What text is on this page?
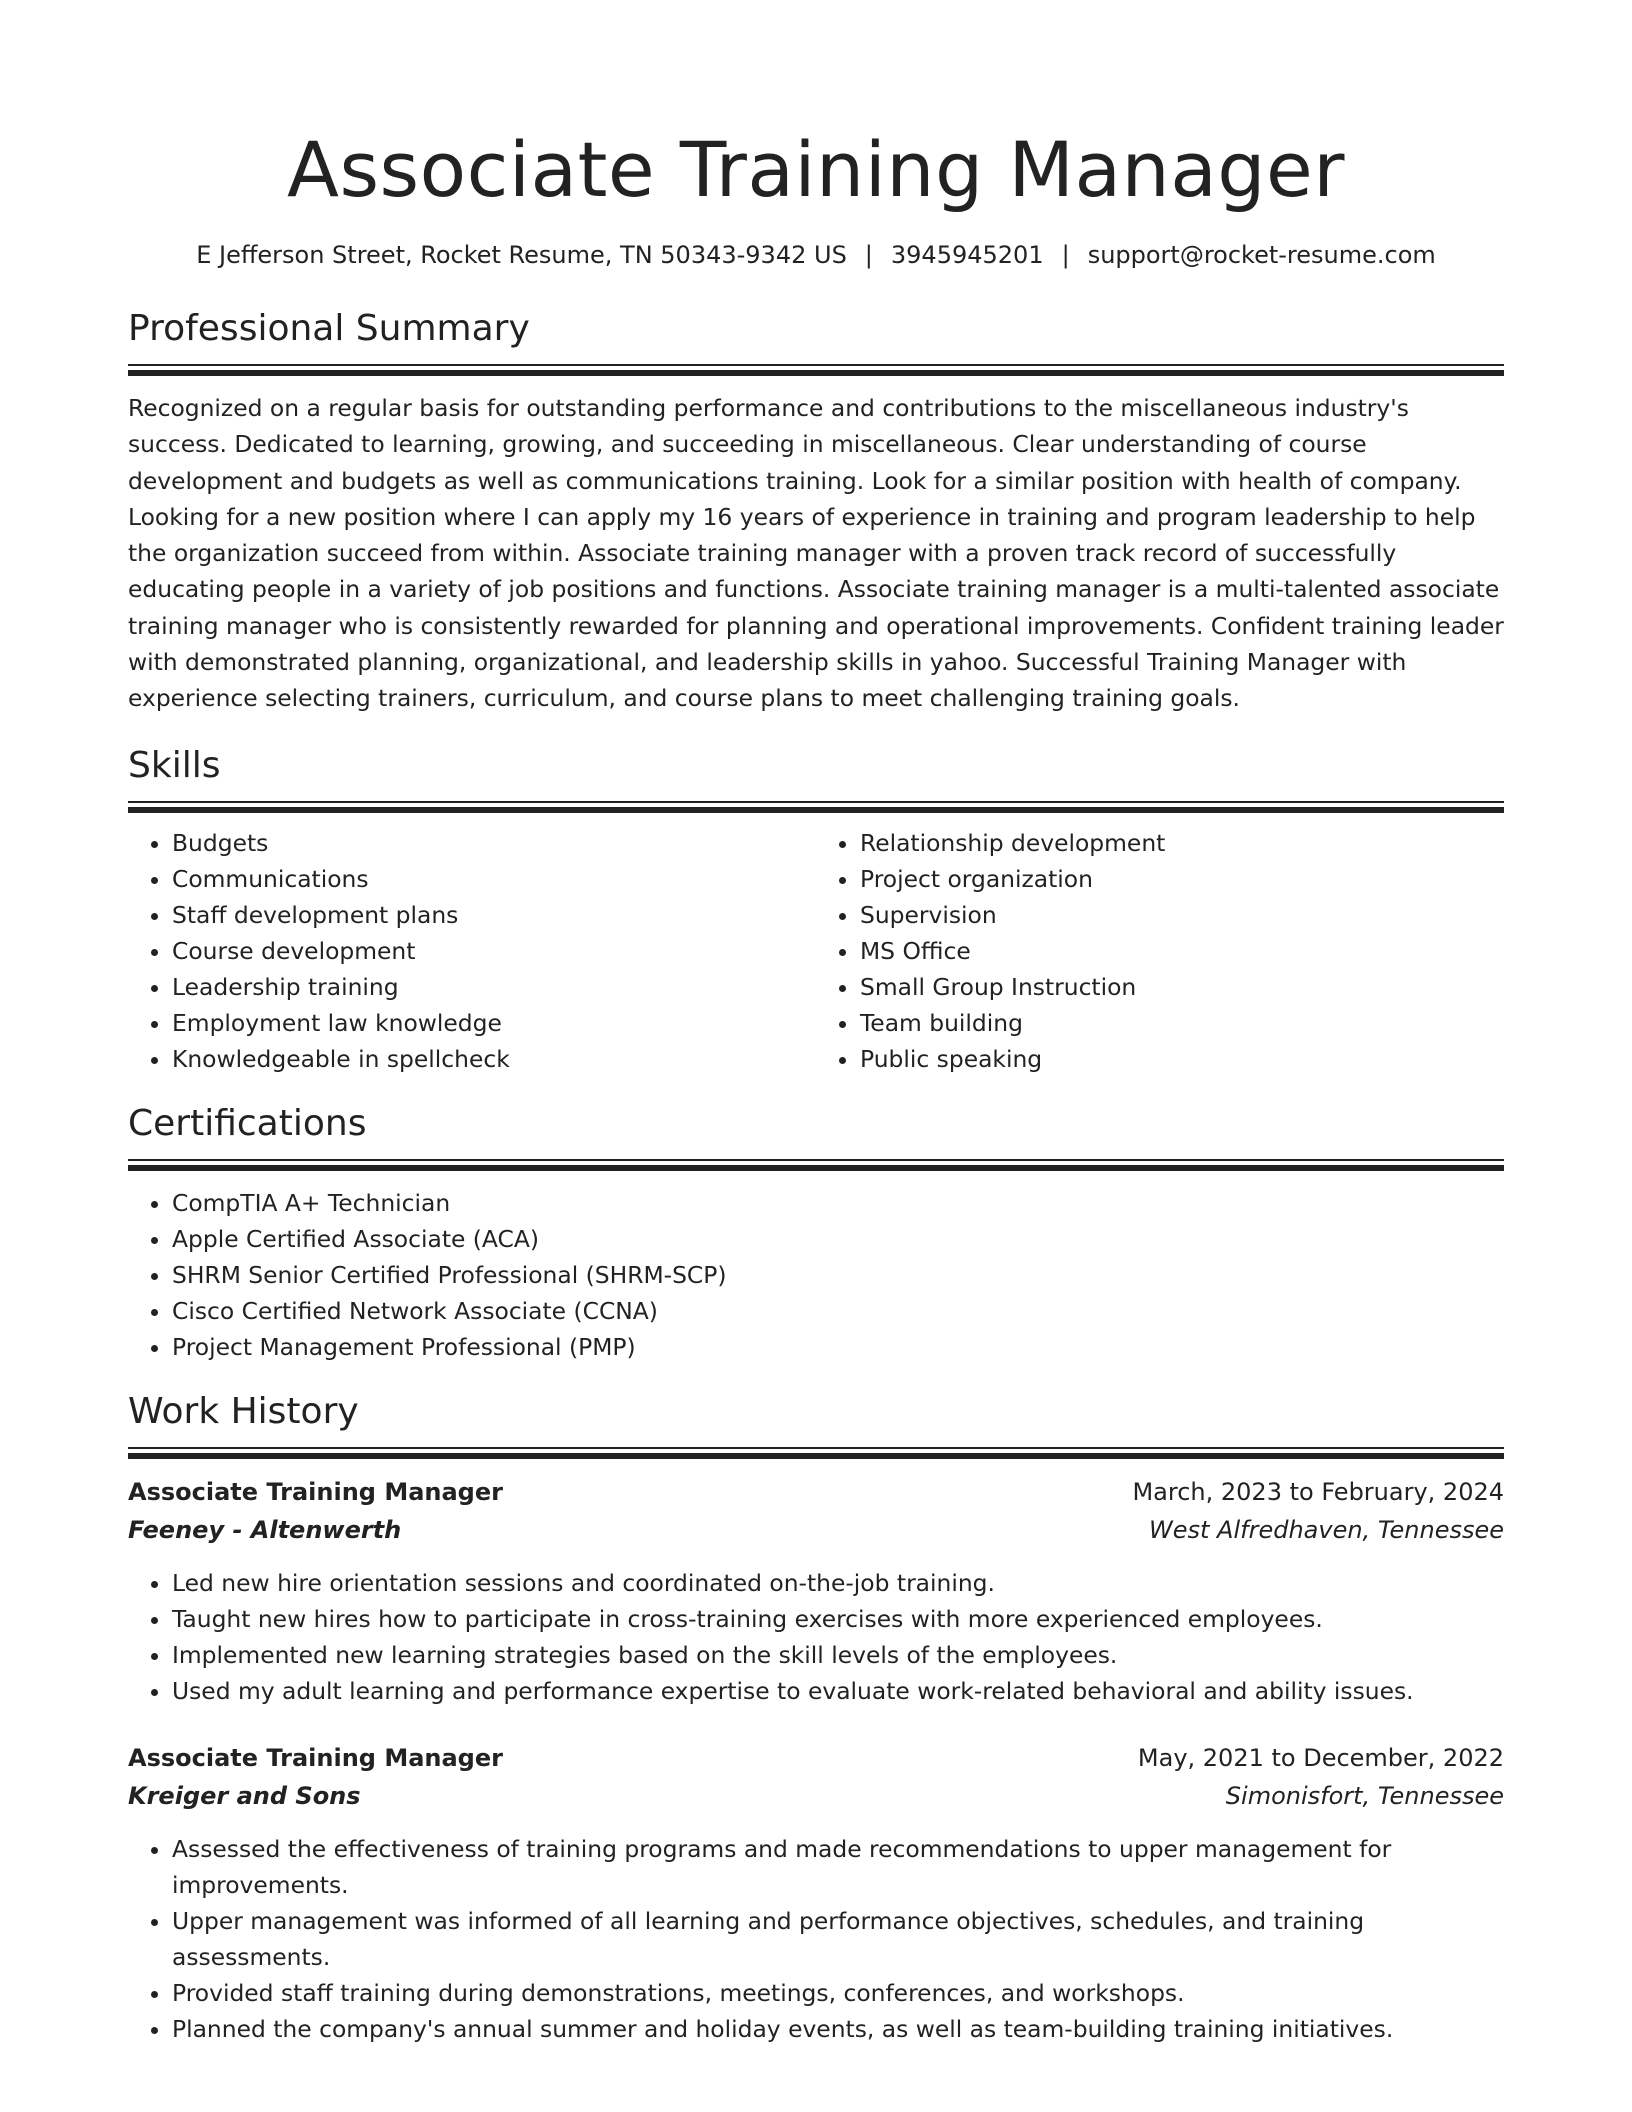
Associate Training Manager
E Jefferson Street, Rocket Resume, TN 50343-9342 US | 3945945201 | support@rocket-resume.com
Professional Summary

Recognized on a regular basis for outstanding performance and contributions to the miscellaneous industry's success. Dedicated to learning, growing, and succeeding in miscellaneous. Clear understanding of course development and budgets as well as communications training. Look for a similar position with health of company. Looking for a new position where I can apply my 16 years of experience in training and program leadership to help the organization succeed from within. Associate training manager with a proven track record of successfully educating people in a variety of job positions and functions. Associate training manager is a multi-talented associate training manager who is consistently rewarded for planning and operational improvements. Confident training leader with demonstrated planning, organizational, and leadership skills in yahoo. Successful Training Manager with experience selecting trainers, curriculum, and course plans to meet challenging training goals.

Skills
• Budgets
• Communications
• Staff development plans
• Course development
• Leadership training
• Employment law knowledge
• Knowledgeable in spellcheck
• Relationship development
• Project organization
• Supervision
• MS Office
• Small Group Instruction
• Team building
• Public speaking
Certifications
• CompTIA A+ Technician
• Apple Certified Associate (ACA)
• SHRM Senior Certified Professional (SHRM-SCP)
• Cisco Certified Network Associate (CCNA)
• Project Management Professional (PMP)
Work History
Associate Training Manager	March, 2023 to February, 2024
Feeney - Altenwerth	West Alfredhaven, Tennessee
• Led new hire orientation sessions and coordinated on-the-job training.
• Taught new hires how to participate in cross-training exercises with more experienced employees.
• Implemented new learning strategies based on the skill levels of the employees.
• Used my adult learning and performance expertise to evaluate work-related behavioral and ability issues.
Associate Training Manager	May, 2021 to December, 2022
Kreiger and Sons	Simonisfort, Tennessee
• Assessed the effectiveness of training programs and made recommendations to upper management for improvements.
• Upper management was informed of all learning and performance objectives, schedules, and training assessments.
• Provided staff training during demonstrations, meetings, conferences, and workshops.
• Planned the company's annual summer and holiday events, as well as team-building training initiatives.
